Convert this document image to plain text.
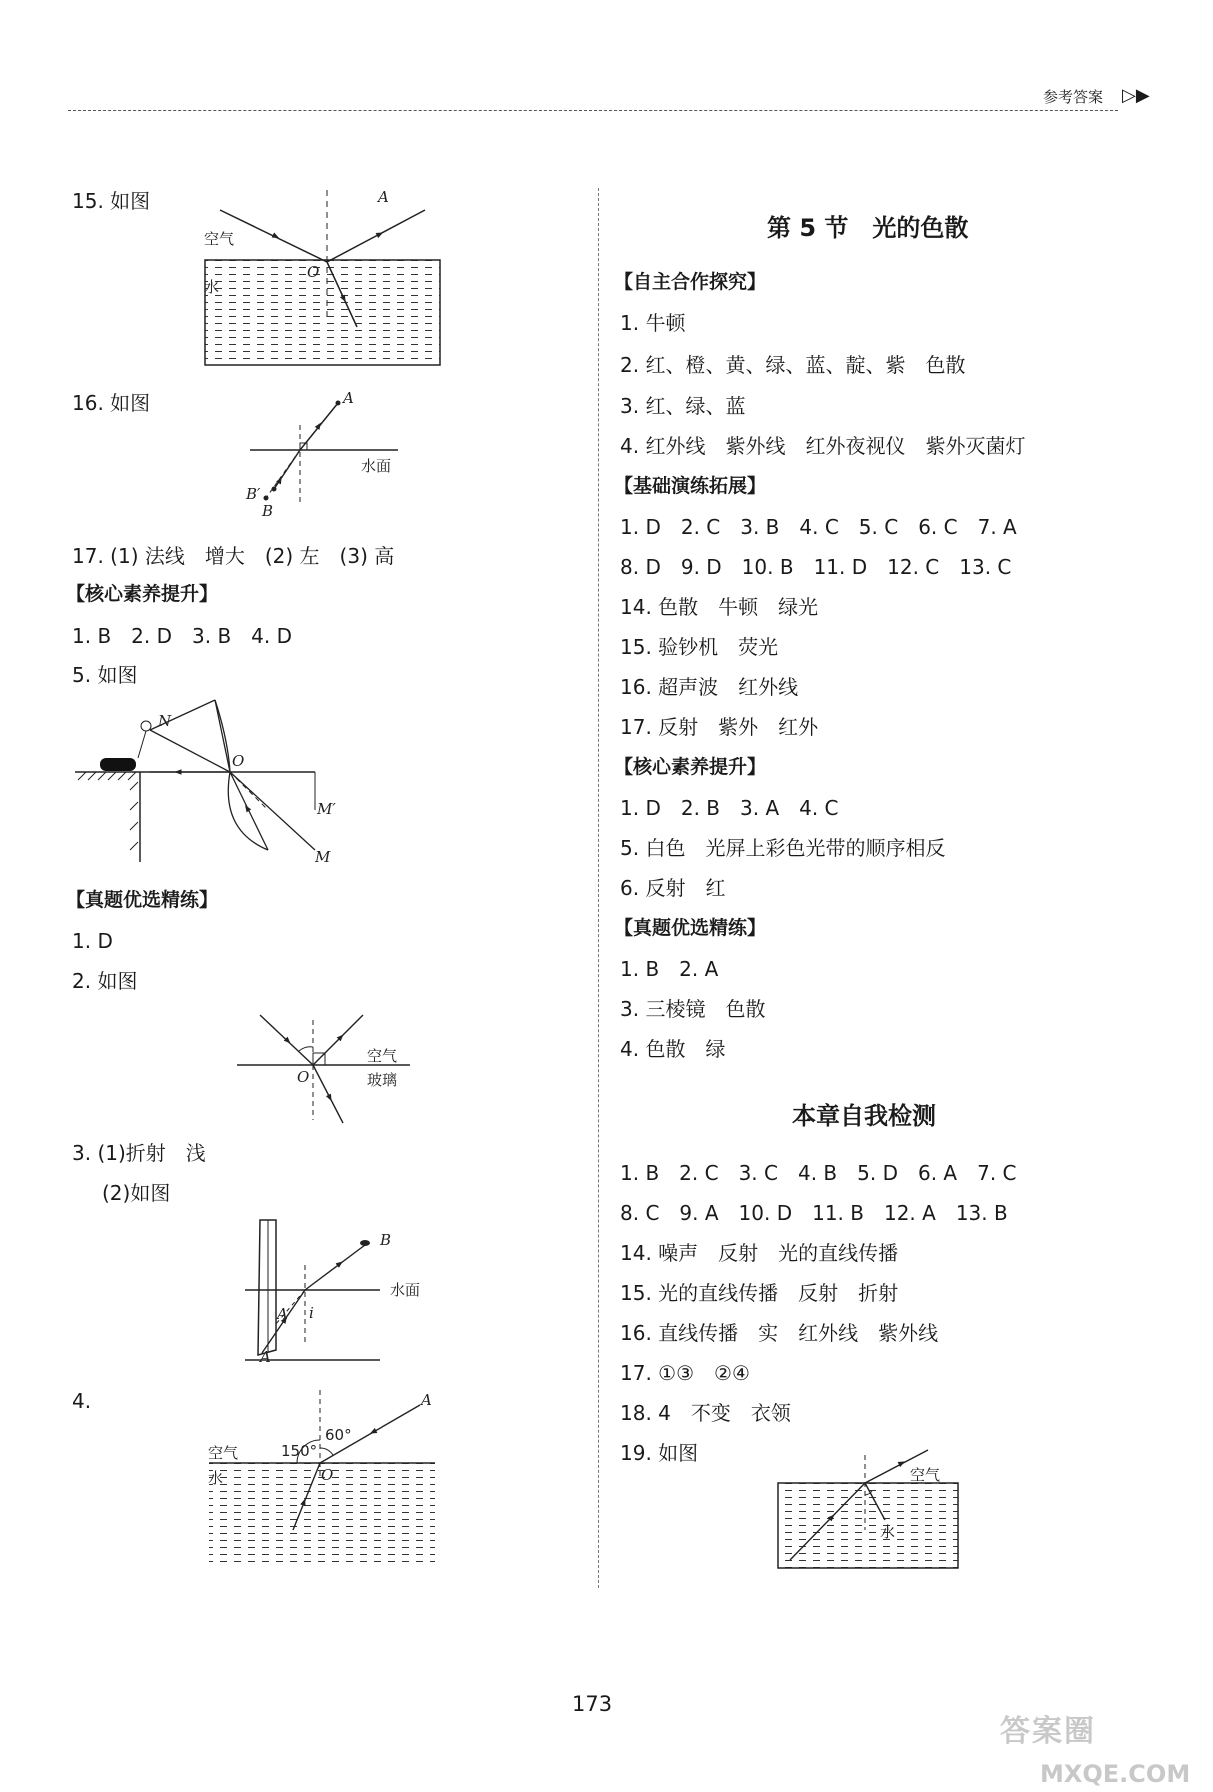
参考答案 ▷▶
15. 如图
空气
水
O
A
16. 如图	A
水面
B′
B
17. (1) 法线　增大　(2) 左　(3) 高
【核心素养提升】
1. B　2. D　3. B　4. D
5. 如图
N
O
M′
M
【真题优选精练】
1. D
2. 如图
空气
玻璃
O
3. (1)折射　浅
(2)如图
B
水面
A i
A
4.
空气
水
150°
60°
A
O
第 5 节　光的色散
【自主合作探究】
1. 牛顿
2. 红、橙、黄、绿、蓝、靛、紫　色散
3. 红、绿、蓝
4. 红外线　紫外线　红外夜视仪　紫外灭菌灯
【基础演练拓展】
1. D　2. C　3. B　4. C　5. C　6. C　7. A
8. D　9. D　10. B　11. D　12. C　13. C
14. 色散　牛顿　绿光
15. 验钞机　荧光
16. 超声波　红外线
17. 反射　紫外　红外
【核心素养提升】
1. D　2. B　3. A　4. C
5. 白色　光屏上彩色光带的顺序相反
6. 反射　红
【真题优选精练】
1. B　2. A
3. 三棱镜　色散
4. 色散　绿
本章自我检测
1. B　2. C　3. C　4. B　5. D　6. A　7. C
8. C　9. A　10. D　11. B　12. A　13. B
14. 噪声　反射　光的直线传播
15. 光的直线传播　反射　折射
16. 直线传播　实　红外线　紫外线
17. ①③　②④
18. 4　不变　衣领
19. 如图
空气
水
173
答案圈
MXQE.COM
